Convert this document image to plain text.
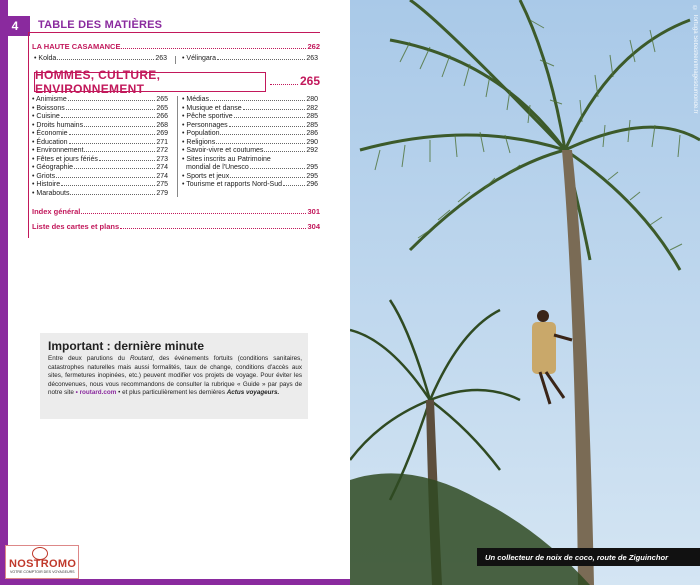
4	TABLE DES MATIÈRES
LA HAUTE CASAMANCE	262
• Kolda	263 • Vélingara	263
HOMMES, CULTURE, ENVIRONNEMENT
265
• Animisme	265
• Boissons	265
• Cuisine	266
• Droits humains	268
• Économie	269
• Éducation	271
• Environnement	272
• Fêtes et jours fériés	273
• Géographie	274
• Griots	274
• Histoire	275
• Marabouts	279
• Médias	280
• Musique et danse	282
• Pêche sportive	285
• Personnages	285
• Population	286
• Religions	290
• Savoir-vivre et coutumes	292
• Sites inscrits au Patrimoine
mondial de l'Unesco	295
• Sports et jeux	295
• Tourisme et rapports Nord-Sud	296
Index général	301
Liste des cartes et plans	304
Important : dernière minute
Entre deux parutions du Routard, des événements fortuits (conditions sanitaires, catastrophes naturelles mais aussi formalités, taux de change, conditions d'accès aux sites, fermetures inopinées, etc.) peuvent modifier vos projets de voyage. Pour éviter les déconvenues, nous vous recommandons de consulter la rubrique « Guide » par pays de notre site • routard.com • et plus particulièrement les dernières Actus voyageurs.
NOSTROMO
VOTRE COMPTOIR DES VOYAGEURS
© Tortuga Sébastien/Imagesdumonde.fr
Un collecteur de noix de coco, route de Ziguinchor
